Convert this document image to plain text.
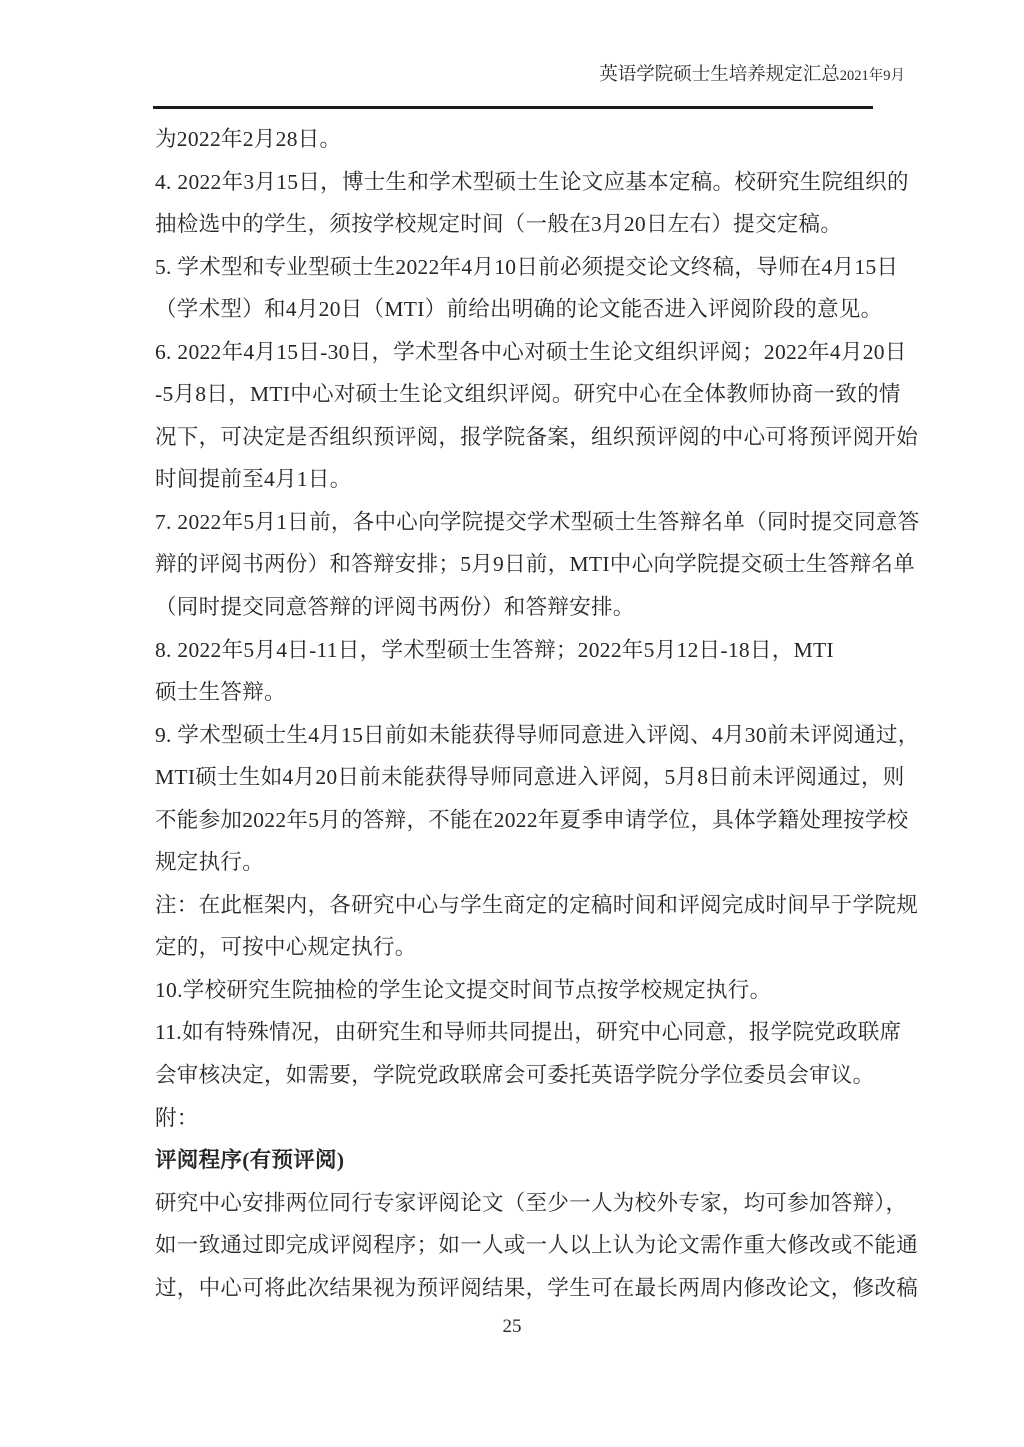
英语学院硕士生培养规定汇总2021年9月
为2022年2月28日。
4. 2022年3月15日，博士生和学术型硕士生论文应基本定稿。校研究生院组织的
抽检选中的学生，须按学校规定时间（一般在3月20日左右）提交定稿。
5. 学术型和专业型硕士生2022年4月10日前必须提交论文终稿，导师在4月15日
（学术型）和4月20日（MTI）前给出明确的论文能否进入评阅阶段的意见。
6. 2022年4月15日-30日，学术型各中心对硕士生论文组织评阅；2022年4月20日
-5月8日，MTI中心对硕士生论文组织评阅。研究中心在全体教师协商一致的情
况下，可决定是否组织预评阅，报学院备案，组织预评阅的中心可将预评阅开始
时间提前至4月1日。
7. 2022年5月1日前，各中心向学院提交学术型硕士生答辩名单（同时提交同意答
辩的评阅书两份）和答辩安排；5月9日前，MTI中心向学院提交硕士生答辩名单
（同时提交同意答辩的评阅书两份）和答辩安排。
8. 2022年5月4日-11日，学术型硕士生答辩；2022年5月12日-18日，MTI
硕士生答辩。
9. 学术型硕士生4月15日前如未能获得导师同意进入评阅、4月30前未评阅通过，
MTI硕士生如4月20日前未能获得导师同意进入评阅，5月8日前未评阅通过，则
不能参加2022年5月的答辩，不能在2022年夏季申请学位，具体学籍处理按学校
规定执行。
注：在此框架内，各研究中心与学生商定的定稿时间和评阅完成时间早于学院规
定的，可按中心规定执行。
10.学校研究生院抽检的学生论文提交时间节点按学校规定执行。
11.如有特殊情况，由研究生和导师共同提出，研究中心同意，报学院党政联席
会审核决定，如需要，学院党政联席会可委托英语学院分学位委员会审议。
附：
评阅程序(有预评阅)
研究中心安排两位同行专家评阅论文（至少一人为校外专家，均可参加答辩），
如一致通过即完成评阅程序；如一人或一人以上认为论文需作重大修改或不能通
过，中心可将此次结果视为预评阅结果，学生可在最长两周内修改论文，修改稿
25
